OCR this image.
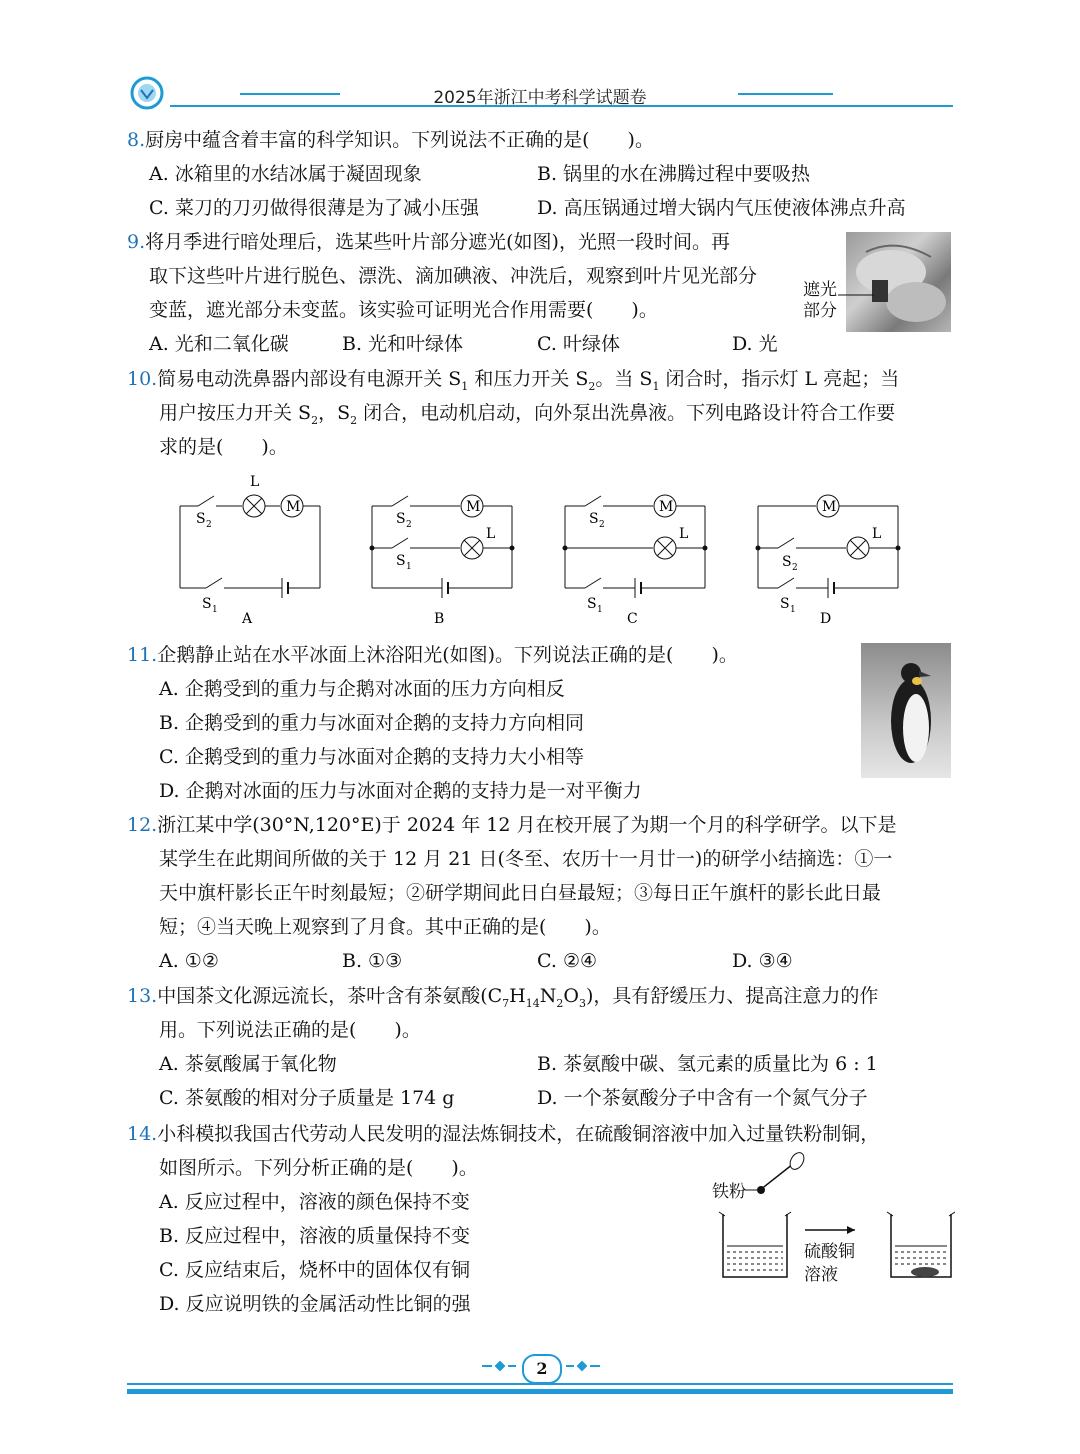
2025年浙江中考科学试题卷
8.厨房中蕴含着丰富的科学知识。下列说法不正确的是(　　)。
A. 冰箱里的水结冰属于凝固现象	B. 锅里的水在沸腾过程中要吸热
C. 菜刀的刀刃做得很薄是为了减小压强	D. 高压锅通过增大锅内气压使液体沸点升高
9.将月季进行暗处理后，选某些叶片部分遮光(如图)，光照一段时间。再
取下这些叶片进行脱色、漂洗、滴加碘液、冲洗后，观察到叶片见光部分
变蓝，遮光部分未变蓝。该实验可证明光合作用需要(　　)。
A. 光和二氧化碳	B. 光和叶绿体	C. 叶绿体	D. 光
遮光
部分
10.简易电动洗鼻器内部设有电源开关 $S_1$ 和压力开关 $S_2$。当 $S_1$ 闭合时，指示灯 L 亮起；当
用户按压力开关 $S_2$，$S_2$ 闭合，电动机启动，向外泵出洗鼻液。下列电路设计符合工作要
求的是(　　)。
M
L
S 2
S 1
A
M
S 2
L
S 1
B
M
S 2
L
S 1
C
M
L
S 2
S 1
D
11.企鹅静止站在水平冰面上沐浴阳光(如图)。下列说法正确的是(　　)。
A. 企鹅受到的重力与企鹅对冰面的压力方向相反
B. 企鹅受到的重力与冰面对企鹅的支持力方向相同
C. 企鹅受到的重力与冰面对企鹅的支持力大小相等
D. 企鹅对冰面的压力与冰面对企鹅的支持力是一对平衡力
12.浙江某中学(30°N,120°E)于 2024 年 12 月在校开展了为期一个月的科学研学。以下是
某学生在此期间所做的关于 12 月 21 日(冬至、农历十一月廿一)的研学小结摘选：①一
天中旗杆影长正午时刻最短；②研学期间此日白昼最短；③每日正午旗杆的影长此日最
短；④当天晚上观察到了月食。其中正确的是(　　)。
A. ①②	B. ①③	C. ②④	D. ③④
13.中国茶文化源远流长，茶叶含有茶氨酸$(C_7H_{14}N_2O_3)$，具有舒缓压力、提高注意力的作
用。下列说法正确的是(　　)。
A. 茶氨酸属于氧化物	B. 茶氨酸中碳、氢元素的质量比为 6 : 1
C. 茶氨酸的相对分子质量是 174 g	D. 一个茶氨酸分子中含有一个氮气分子
14.小科模拟我国古代劳动人民发明的湿法炼铜技术，在硫酸铜溶液中加入过量铁粉制铜，
如图所示。下列分析正确的是(　　)。
A. 反应过程中，溶液的颜色保持不变
B. 反应过程中，溶液的质量保持不变
C. 反应结束后，烧杯中的固体仅有铜
D. 反应说明铁的金属活动性比铜的强
铁粉
硫酸铜
溶液
2
